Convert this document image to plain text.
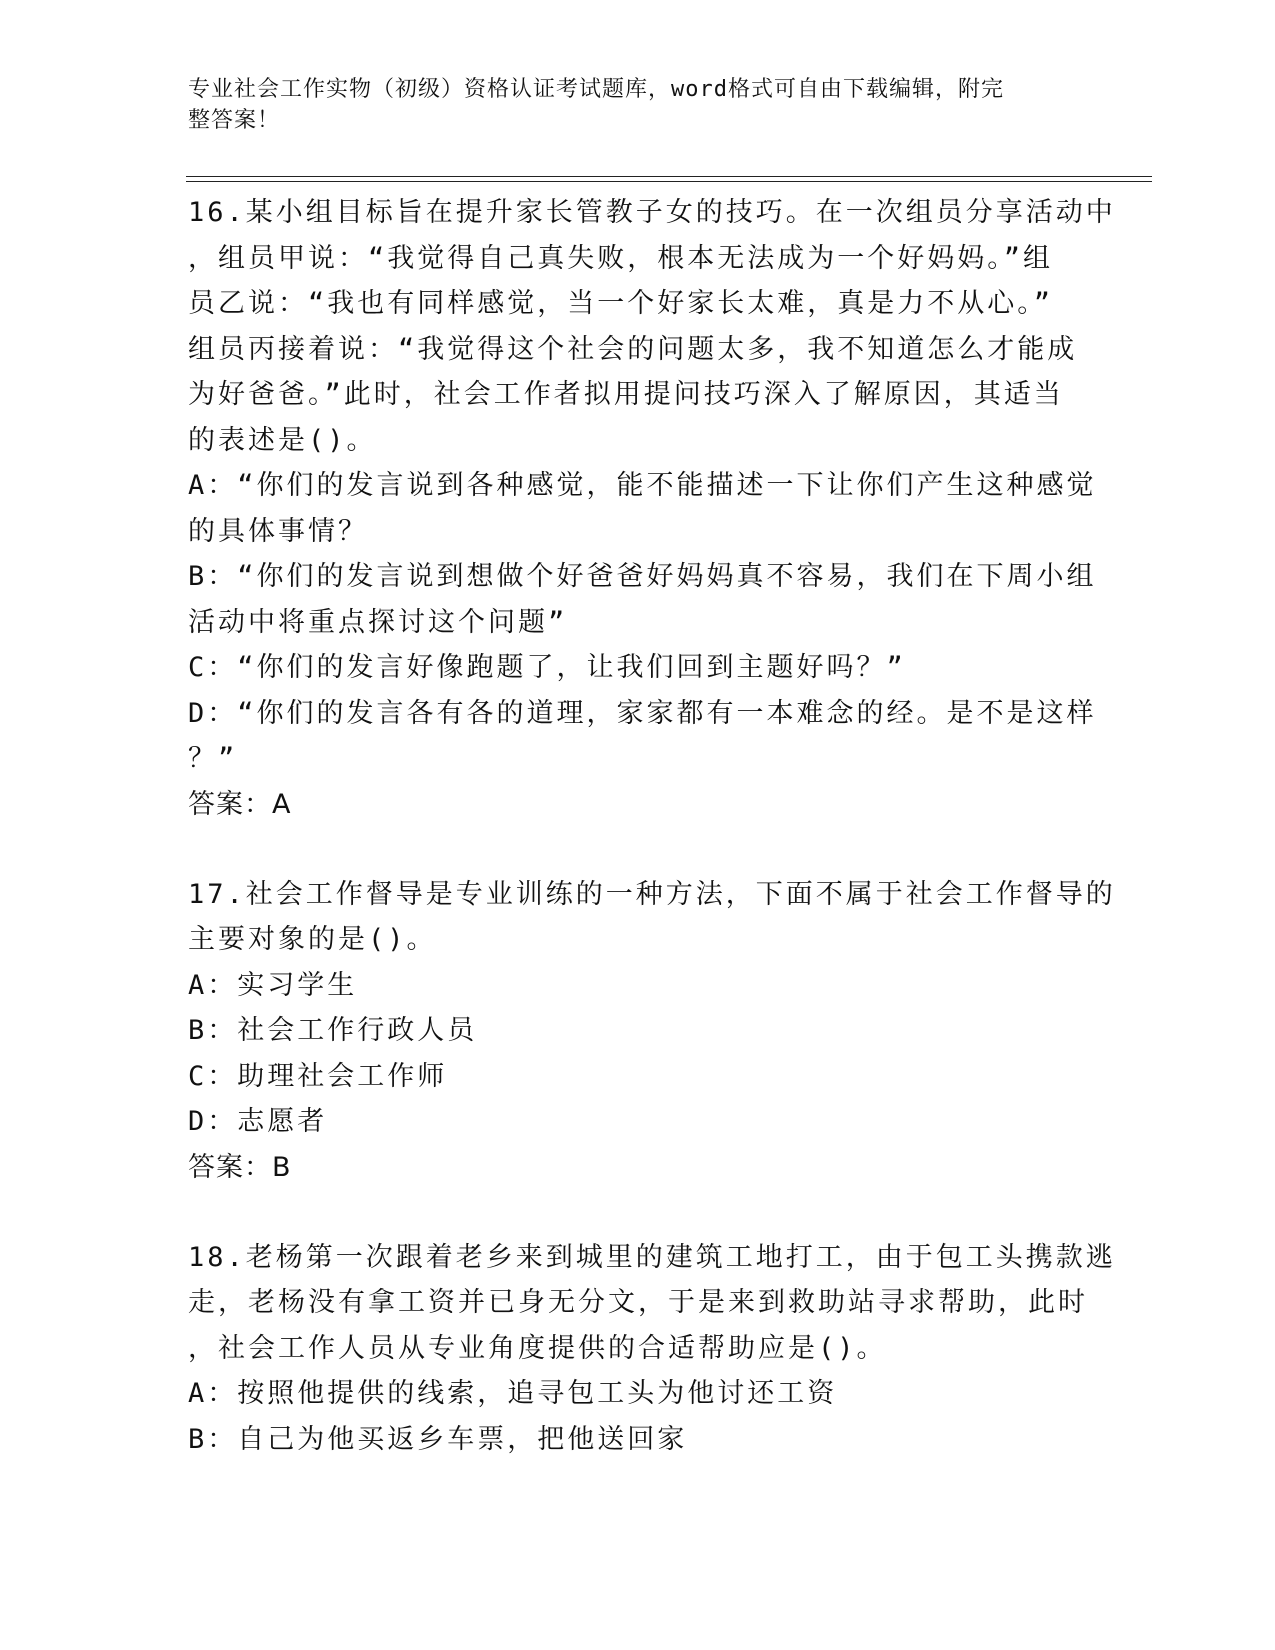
专业社会工作实物（初级）资格认证考试题库，word格式可自由下载编辑，附完
整答案！
16.某小组目标旨在提升家长管教子女的技巧。在一次组员分享活动中
，组员甲说：“我觉得自己真失败，根本无法成为一个好妈妈。”组
员乙说：“我也有同样感觉，当一个好家长太难，真是力不从心。”
组员丙接着说：“我觉得这个社会的问题太多，我不知道怎么才能成
为好爸爸。”此时，社会工作者拟用提问技巧深入了解原因，其适当
的表述是()。
A：“你们的发言说到各种感觉，能不能描述一下让你们产生这种感觉
的具体事情？
B：“你们的发言说到想做个好爸爸好妈妈真不容易，我们在下周小组
活动中将重点探讨这个问题”
C：“你们的发言好像跑题了，让我们回到主题好吗？”
D：“你们的发言各有各的道理，家家都有一本难念的经。是不是这样
？”
答案：A
17.社会工作督导是专业训练的一种方法，下面不属于社会工作督导的
主要对象的是()。
A：实习学生
B：社会工作行政人员
C：助理社会工作师
D：志愿者
答案：B
18.老杨第一次跟着老乡来到城里的建筑工地打工，由于包工头携款逃
走，老杨没有拿工资并已身无分文，于是来到救助站寻求帮助，此时
，社会工作人员从专业角度提供的合适帮助应是()。
A：按照他提供的线索，追寻包工头为他讨还工资
B：自己为他买返乡车票，把他送回家
